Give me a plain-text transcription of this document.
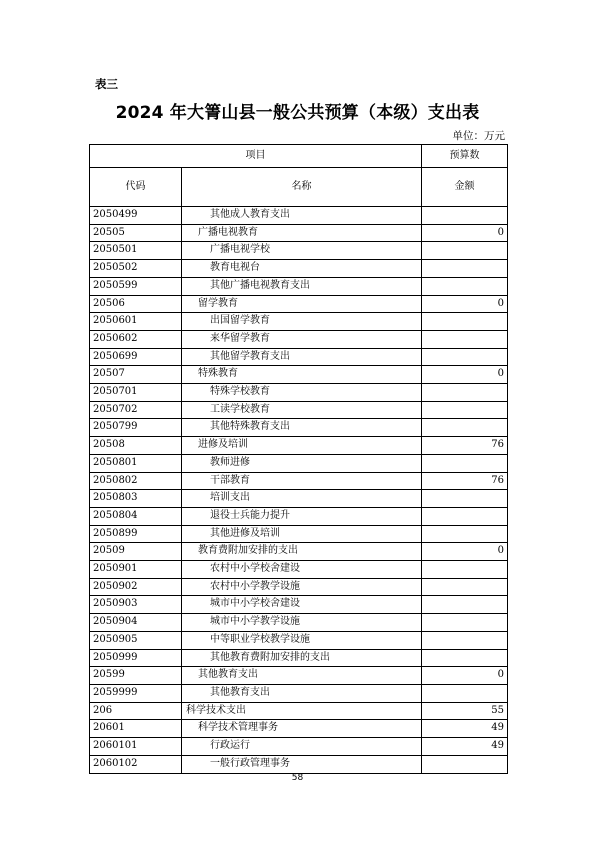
表三
2024 年大箐山县一般公共预算（本级）支出表
单位：万元
项目		预算数
代码	名称	金额
2050499	其他成人教育支出	
20505	广播电视教育	0
2050501	广播电视学校	
2050502	教育电视台	
2050599	其他广播电视教育支出	
20506	留学教育	0
2050601	出国留学教育	
2050602	来华留学教育	
2050699	其他留学教育支出	
20507	特殊教育	0
2050701	特殊学校教育	
2050702	工读学校教育	
2050799	其他特殊教育支出	
20508	进修及培训	76
2050801	教师进修	
2050802	干部教育	76
2050803	培训支出	
2050804	退役士兵能力提升	
2050899	其他进修及培训	
20509	教育费附加安排的支出	0
2050901	农村中小学校舍建设	
2050902	农村中小学教学设施	
2050903	城市中小学校舍建设	
2050904	城市中小学教学设施	
2050905	中等职业学校教学设施	
2050999	其他教育费附加安排的支出	
20599	其他教育支出	0
2059999	其他教育支出	
206	科学技术支出	55
20601	科学技术管理事务	49
2060101	行政运行	49
2060102	一般行政管理事务	
58
